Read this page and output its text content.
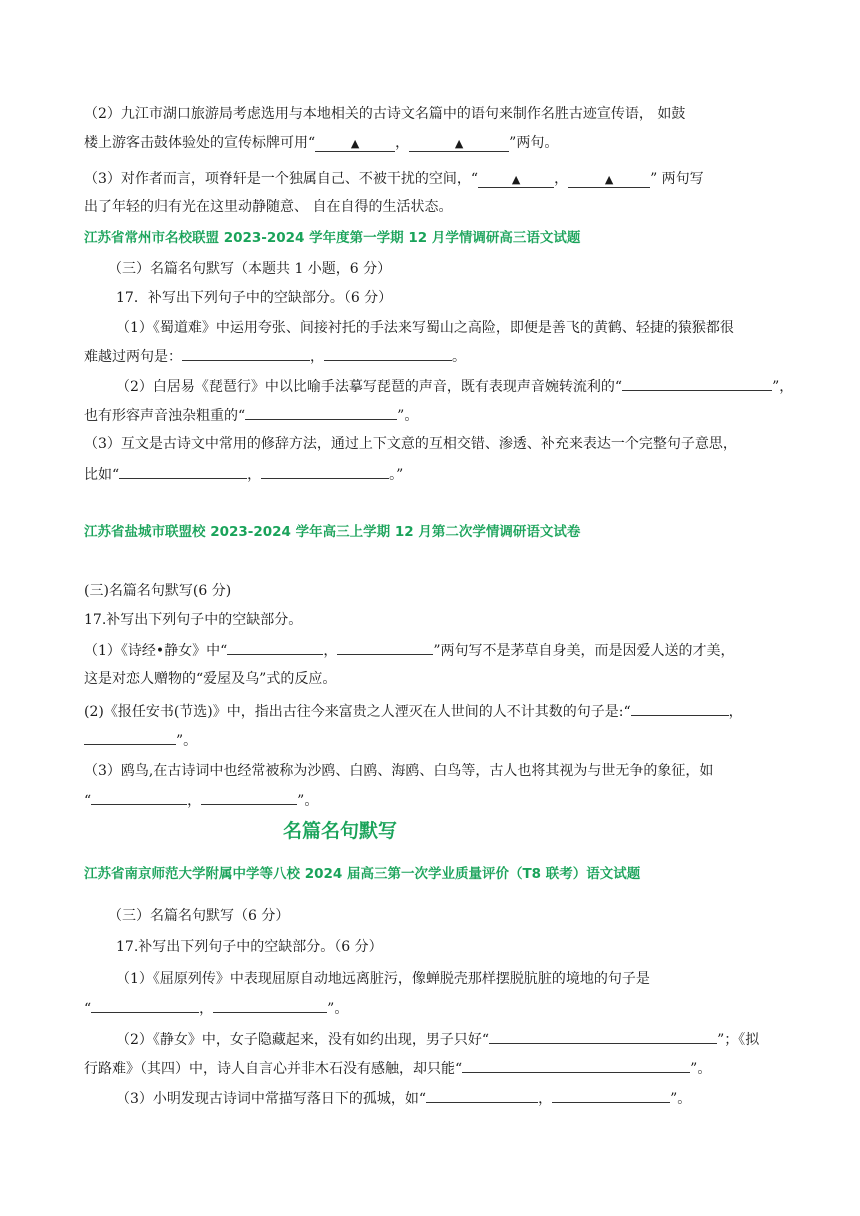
（2）九江市湖口旅游局考虑选用与本地相关的古诗文名篇中的语句来制作名胜古迹宣传语， 如鼓
楼上游客击鼓体验处的宣传标牌可用“	▲	，	▲	”两句。
（3）对作者而言，项脊轩是一个独属自己、不被干扰的空间，“	▲ ，	▲	” 两句写
出了年轻的归有光在这里动静随意、 自在自得的生活状态。
江苏省常州市名校联盟 2023-2024 学年度第一学期 12 月学情调研高三语文试题
（三）名篇名句默写（本题共 1 小题，6 分）
17．补写出下列句子中的空缺部分。（6 分）
（1）《蜀道难》中运用夸张、间接衬托的手法来写蜀山之高险，即便是善飞的黄鹤、轻捷的猿猴都很
难越过两句是：	，	。
（2）白居易《琵琶行》中以比喻手法摹写琵琶的声音，既有表现声音婉转流利的“	”，
也有形容声音浊杂粗重的“	”。
（3）互文是古诗文中常用的修辞方法，通过上下文意的互相交错、渗透、补充来表达一个完整句子意思，
比如“	，	。”
江苏省盐城市联盟校 2023-2024 学年高三上学期 12 月第二次学情调研语文试卷
(三)名篇名句默写(6 分)
17.补写出下列句子中的空缺部分。
（1）《诗经•静女》中“	，	”两句写不是茅草自身美，而是因爱人送的才美，
这是对恋人赠物的“爱屋及乌”式的反应。
(2)《报任安书(节选)》中，指出古往今来富贵之人湮灭在人世间的人不计其数的句子是:“	，
”。
（3）鸥鸟,在古诗词中也经常被称为沙鸥、白鸥、海鸥、白鸟等，古人也将其视为与世无争的象征，如
“	，	”。
名篇名句默写
江苏省南京师范大学附属中学等八校 2024 届高三第一次学业质量评价（T8 联考）语文试题
（三）名篇名句默写（6 分）
17.补写出下列句子中的空缺部分。（6 分）
（1）《屈原列传》中表现屈原自动地远离脏污，像蝉脱壳那样摆脱肮脏的境地的句子是
“	，	”。
（2）《静女》中，女子隐藏起来，没有如约出现，男子只好“	”；《拟
行路难》（其四）中，诗人自言心并非木石没有感触，却只能“	”。
（3）小明发现古诗词中常描写落日下的孤城，如“	，	”。
